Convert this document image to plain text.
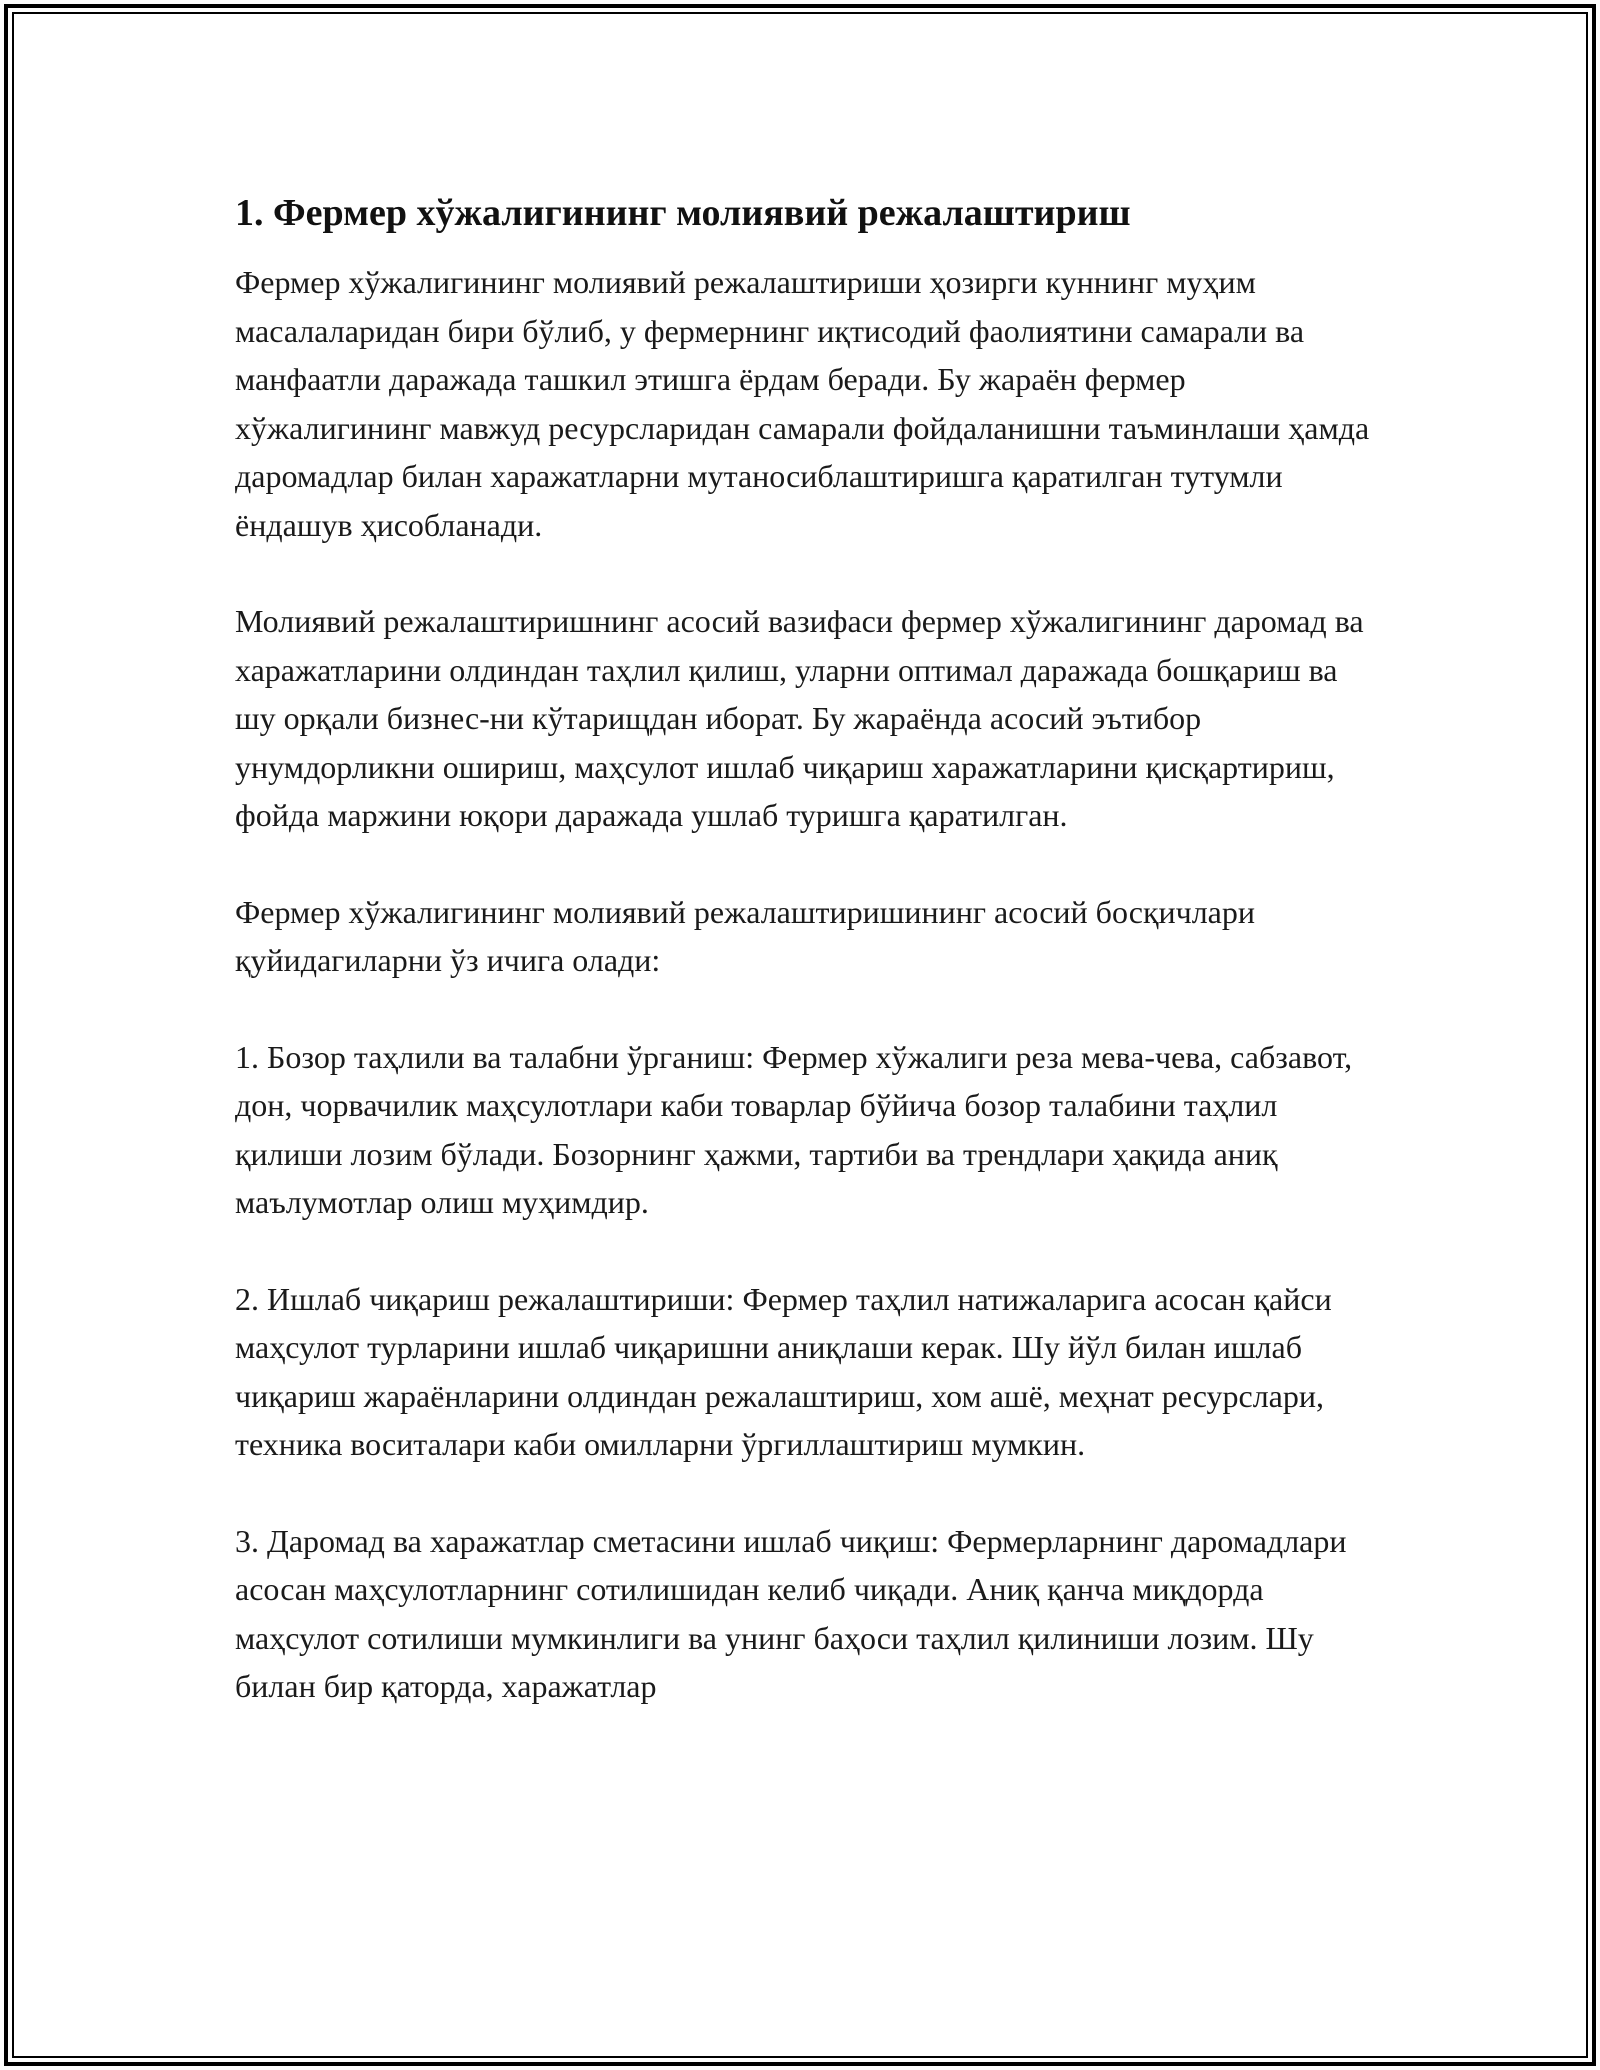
1. Фермер хўжалигининг молиявий режалаштириш

Фермер хўжалигининг молиявий режалаштириши ҳозирги куннинг муҳим масалаларидан бири бўлиб, у фермернинг иқтисодий фаолиятини самарали ва манфаатли даражада ташкил этишга ёрдам беради. Бу жараён фермер хўжалигининг мавжуд ресурсларидан самарали фойдаланишни таъминлаши ҳамда даромадлар билан харажатларни мутаносиблаштиришга қаратилган тутумли ёндашув ҳисобланади.

Молиявий режалаштиришнинг асосий вазифаси фермер хўжалигининг даромад ва харажатларини олдиндан таҳлил қилиш, уларни оптимал даражада бошқариш ва шу орқали бизнес-ни кўтарищдан иборат. Бу жараёнда асосий эътибор унумдорликни ошириш, маҳсулот ишлаб чиқариш харажатларини қисқартириш, фойда маржини юқори даражада ушлаб туришга қаратилган.

Фермер хўжалигининг молиявий режалаштиришининг асосий босқичлари қуйидагиларни ўз ичига олади:

1. Бозор таҳлили ва талабни ўрганиш: Фермер хўжалиги реза мева-чева, сабзавот, дон, чорвачилик маҳсулотлари каби товарлар бўйича бозор талабини таҳлил қилиши лозим бўлади. Бозорнинг ҳажми, тартиби ва трендлари ҳақида аниқ маълумотлар олиш муҳимдир.

2. Ишлаб чиқариш режалаштириши: Фермер таҳлил натижаларига асосан қайси маҳсулот турларини ишлаб чиқаришни аниқлаши керак. Шу йўл билан ишлаб чиқариш жараёнларини олдиндан режалаштириш, хом ашё, меҳнат ресурслари, техника воситалари каби омилларни ўргиллаштириш мумкин.

3. Даромад ва харажатлар сметасини ишлаб чиқиш: Фермерларнинг даромадлари асосан маҳсулотларнинг сотилишидан келиб чиқади. Аниқ қанча миқдорда маҳсулот сотилиши мумкинлиги ва унинг баҳоси таҳлил қилиниши лозим. Шу билан бир қаторда, харажатлар
